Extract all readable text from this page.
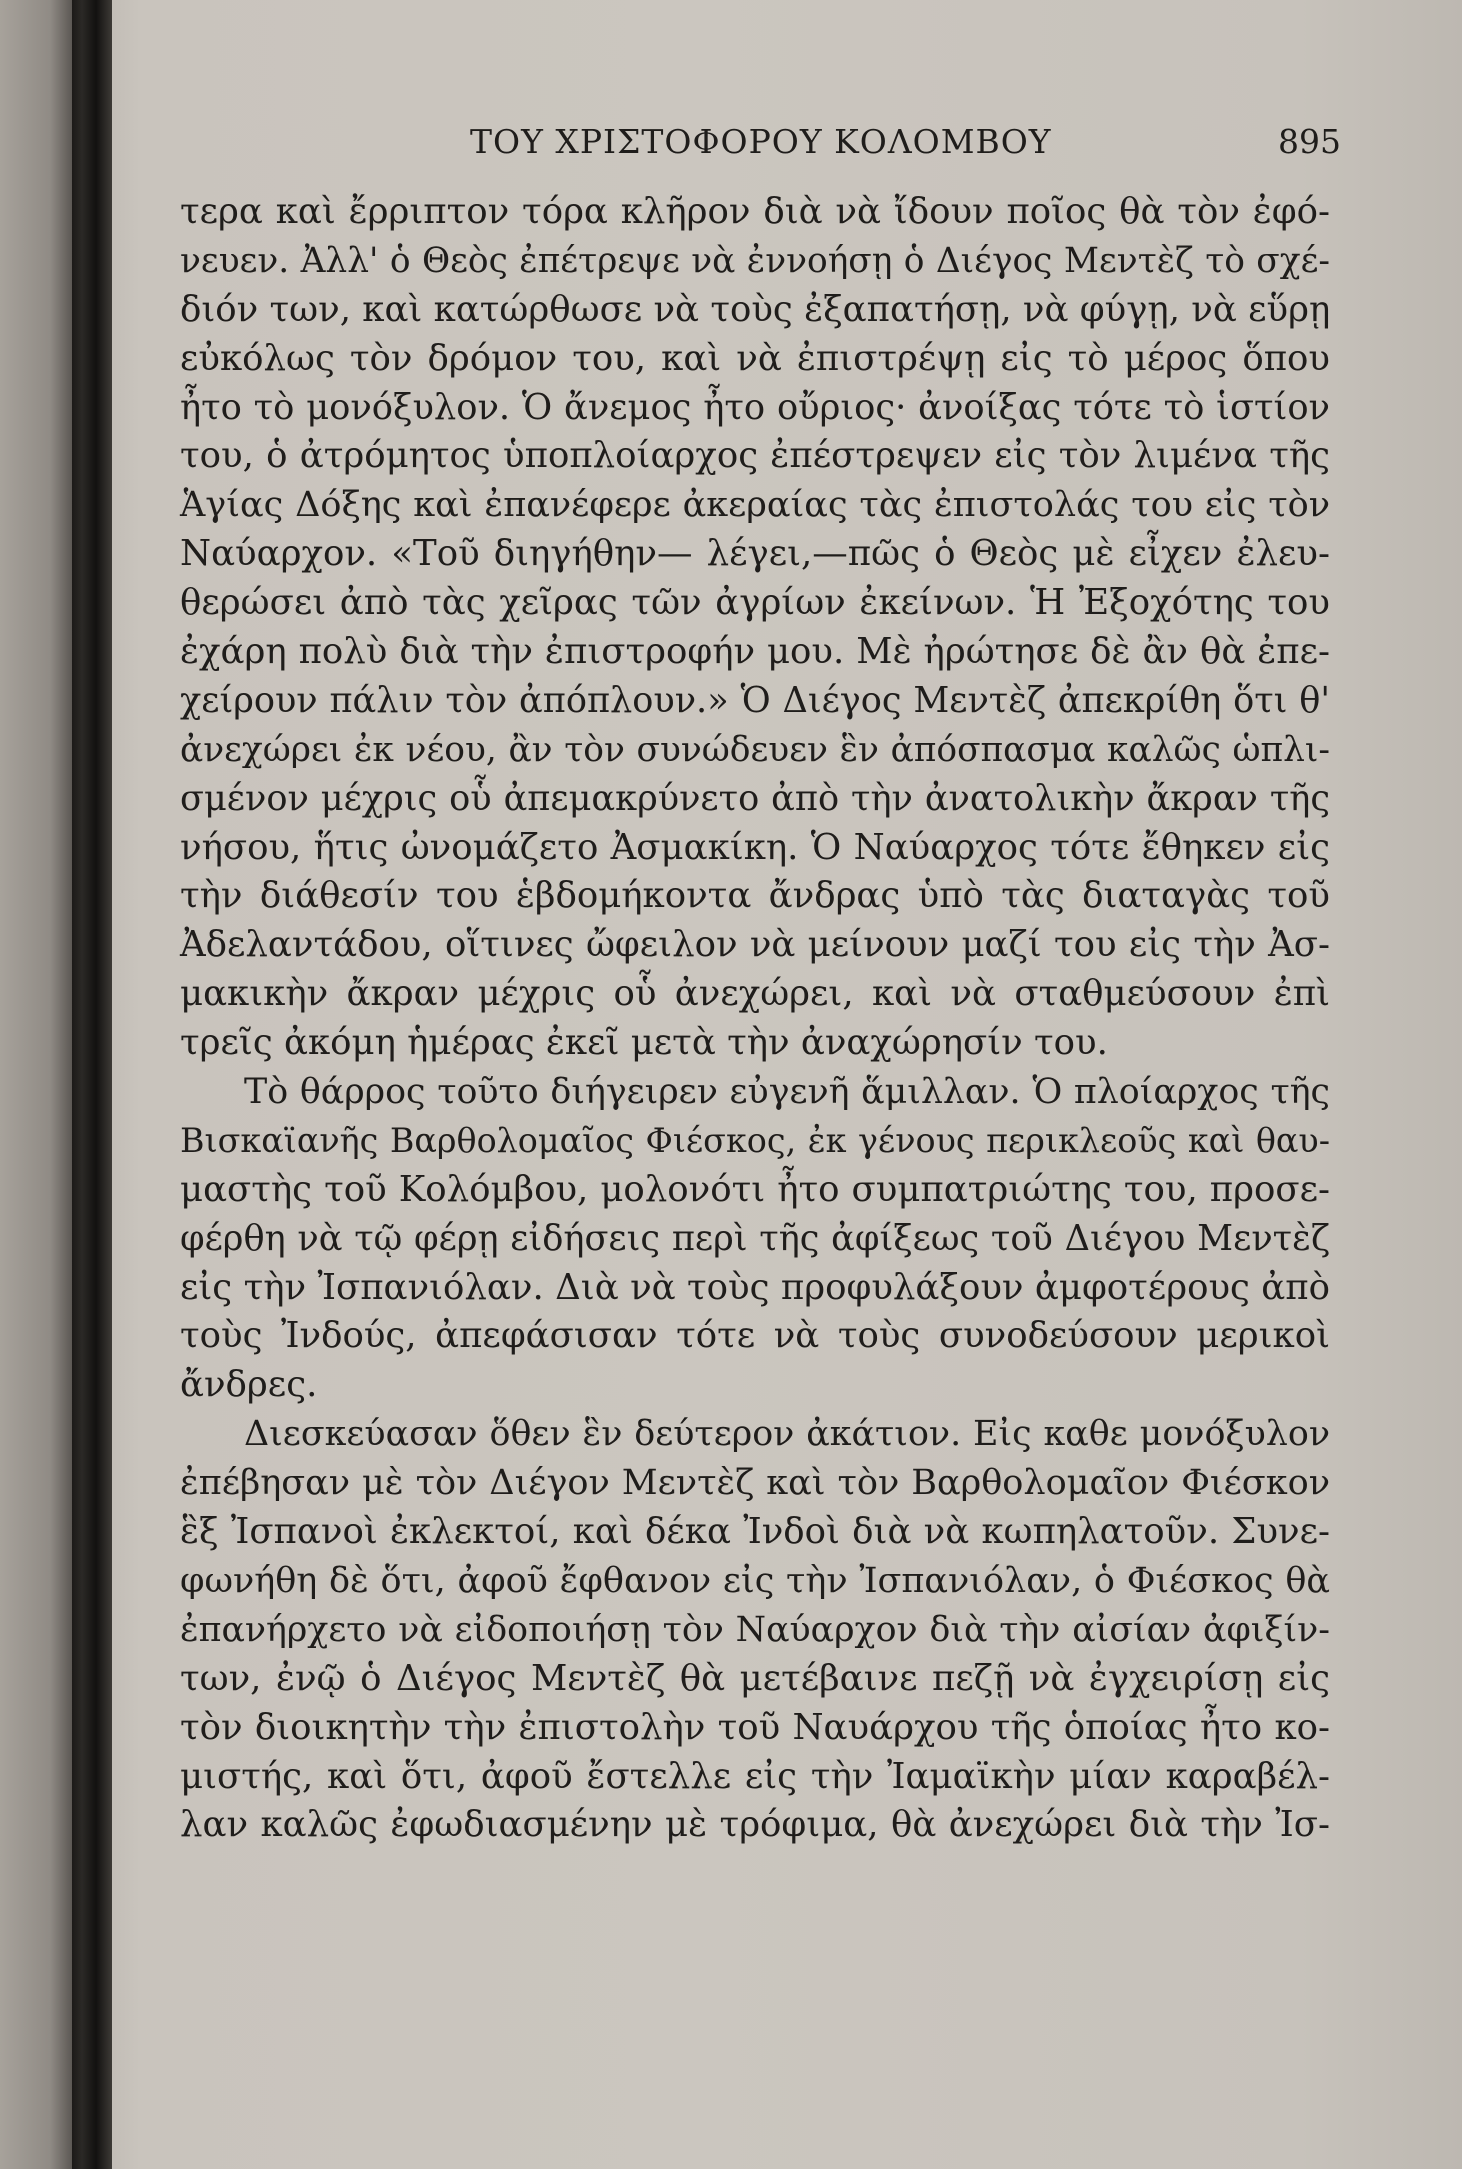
ΤΟΥ ΧΡΙΣΤΟΦΟΡΟΥ ΚΟΛΟΜΒΟΥ	895
τερα καὶ ἔρριπτον τόρα κλῆρον διὰ νὰ ἴδουν ποῖος θὰ τὸν ἐφό-
νευεν. Ἀλλ' ὁ Θεὸς ἐπέτρεψε νὰ ἐννοήσῃ ὁ Διέγος Μεντὲζ τὸ σχέ-
διόν των, καὶ κατώρθωσε νὰ τοὺς ἐξαπατήσῃ, νὰ φύγῃ, νὰ εὕρῃ
εὐκόλως τὸν δρόμον του, καὶ νὰ ἐπιστρέψῃ εἰς τὸ μέρος ὅπου
ἦτο τὸ μονόξυλον. Ὁ ἄνεμος ἦτο οὔριος· ἀνοίξας τότε τὸ ἱστίον
του, ὁ ἀτρόμητος ὑποπλοίαρχος ἐπέστρεψεν εἰς τὸν λιμένα τῆς
Ἁγίας Δόξης καὶ ἐπανέφερε ἀκεραίας τὰς ἐπιστολάς του εἰς τὸν
Ναύαρχον. «Τοῦ διηγήθην— λέγει,—πῶς ὁ Θεὸς μὲ εἶχεν ἐλευ-
θερώσει ἀπὸ τὰς χεῖρας τῶν ἀγρίων ἐκείνων. Ἡ Ἐξοχότης του
ἐχάρη πολὺ διὰ τὴν ἐπιστροφήν μου. Μὲ ἠρώτησε δὲ ἂν θὰ ἐπε-
χείρουν πάλιν τὸν ἀπόπλουν.» Ὁ Διέγος Μεντὲζ ἀπεκρίθη ὅτι θ'
ἀνεχώρει ἐκ νέου, ἂν τὸν συνώδευεν ἓν ἀπόσπασμα καλῶς ὡπλι-
σμένον μέχρις οὗ ἀπεμακρύνετο ἀπὸ τὴν ἀνατολικὴν ἄκραν τῆς
νήσου, ἥτις ὠνομάζετο Ἀσμακίκη. Ὁ Ναύαρχος τότε ἔθηκεν εἰς
τὴν διάθεσίν του ἑβδομήκοντα ἄνδρας ὑπὸ τὰς διαταγὰς τοῦ
Ἀδελαντάδου, οἵτινες ὤφειλον νὰ μείνουν μαζί του εἰς τὴν Ἀσ-
μακικὴν ἄκραν μέχρις οὗ ἀνεχώρει, καὶ νὰ σταθμεύσουν ἐπὶ
τρεῖς ἀκόμη ἡμέρας ἐκεῖ μετὰ τὴν ἀναχώρησίν του.
Τὸ θάρρος τοῦτο διήγειρεν εὐγενῆ ἅμιλλαν. Ὁ πλοίαρχος τῆς
Βισκαϊανῆς Βαρθολομαῖος Φιέσκος, ἐκ γένους περικλεοῦς καὶ θαυ-
μαστὴς τοῦ Κολόμβου, μολονότι ἦτο συμπατριώτης του, προσε-
φέρθη νὰ τῷ φέρῃ εἰδήσεις περὶ τῆς ἀφίξεως τοῦ Διέγου Μεντὲζ
εἰς τὴν Ἰσπανιόλαν. Διὰ νὰ τοὺς προφυλάξουν ἀμφοτέρους ἀπὸ
τοὺς Ἰνδούς, ἀπεφάσισαν τότε νὰ τοὺς συνοδεύσουν μερικοὶ
ἄνδρες.
Διεσκεύασαν ὅθεν ἓν δεύτερον ἀκάτιον. Εἰς καθε μονόξυλον
ἐπέβησαν μὲ τὸν Διέγον Μεντὲζ καὶ τὸν Βαρθολομαῖον Φιέσκον
ἓξ Ἰσπανοὶ ἐκλεκτοί, καὶ δέκα Ἰνδοὶ διὰ νὰ κωπηλατοῦν. Συνε-
φωνήθη δὲ ὅτι, ἀφοῦ ἔφθανον εἰς τὴν Ἰσπανιόλαν, ὁ Φιέσκος θὰ
ἐπανήρχετο νὰ εἰδοποιήσῃ τὸν Ναύαρχον διὰ τὴν αἰσίαν ἀφιξίν-
των, ἐνῷ ὁ Διέγος Μεντὲζ θὰ μετέβαινε πεζῇ νὰ ἐγχειρίσῃ εἰς
τὸν διοικητὴν τὴν ἐπιστολὴν τοῦ Ναυάρχου τῆς ὁποίας ἦτο κο-
μιστής, καὶ ὅτι, ἀφοῦ ἔστελλε εἰς τὴν Ἰαμαϊκὴν μίαν καραβέλ-
λαν καλῶς ἐφωδιασμένην μὲ τρόφιμα, θὰ ἀνεχώρει διὰ τὴν Ἰσ-
